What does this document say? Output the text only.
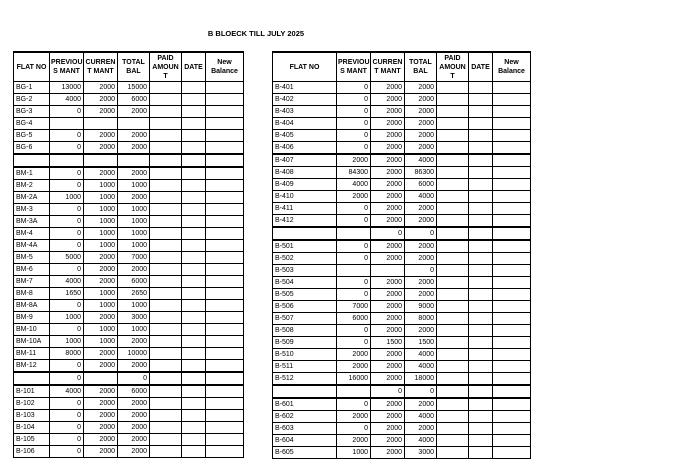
B BLOECK TILL JULY 2025
FLAT NO	PREVIOU S MANT	CURREN T MANT	TOTAL BAL	PAID AMOUN T	DATE	New Balance
BG-1	13000	2000	15000			
BG-2	4000	2000	6000			
BG-3	0	2000	2000			
BG-4						
BG-5	0	2000	2000			
BG-6	0	2000	2000			

BM-1	0	2000	2000			
BM-2	0	1000	1000			
BM-2A	1000	1000	2000			
BM-3	0	1000	1000			
BM-3A	0	1000	1000			
BM-4	0	1000	1000			
BM-4A	0	1000	1000			
BM-5	5000	2000	7000			
BM-6	0	2000	2000			
BM-7	4000	2000	6000			
BM-8	1650	1000	2650			
BM-8A	0	1000	1000			
BM-9	1000	2000	3000			
BM-10	0	1000	1000			
BM-10A	1000	1000	2000			
BM-11	8000	2000	10000			
BM-12	0	2000	2000			
	0		0			
B-101	4000	2000	6000			
B-102	0	2000	2000			
B-103	0	2000	2000			
B-104	0	2000	2000			
B-105	0	2000	2000			
B-106	0	2000	2000			
FLAT NO	PREVIOU S MANT	CURREN T MANT	TOTAL BAL	PAID AMOUN T	DATE	New Balance
B-401	0	2000	2000			
B-402	0	2000	2000			
B-403	0	2000	2000			
B-404	0	2000	2000			
B-405	0	2000	2000			
B-406	0	2000	2000			
B-407	2000	2000	4000			
B-408	84300	2000	86300			
B-409	4000	2000	6000			
B-410	2000	2000	4000			
B-411	0	2000	2000			
B-412	0	2000	2000			
		0	0			
B-501	0	2000	2000			
B-502	0	2000	2000			
B-503			0			
B-504	0	2000	2000			
B-505	0	2000	2000			
B-506	7000	2000	9000			
B-507	6000	2000	8000			
B-508	0	2000	2000			
B-509	0	1500	1500			
B-510	2000	2000	4000			
B-511	2000	2000	4000			
B-512	16000	2000	18000			
		0	0			
B-601	0	2000	2000			
B-602	2000	2000	4000			
B-603	0	2000	2000			
B-604	2000	2000	4000			
B-605	1000	2000	3000			
